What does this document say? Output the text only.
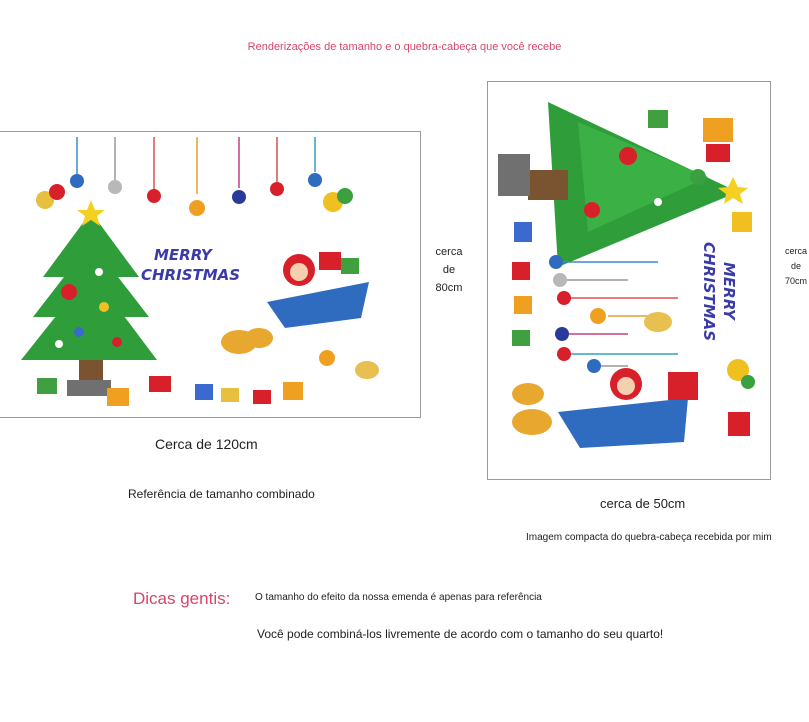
Renderizações de tamanho e o quebra-cabeça que você recebe
MERRY
CHRISTMAS
cerca
de
80cm
Cerca de 120cm
Referência de tamanho combinado
MERRY
CHRISTMAS	cerca
de
70cm
cerca de 50cm
Imagem compacta do quebra-cabeça recebida por mim
Dicas gentis: O tamanho do efeito da nossa emenda é apenas para referência
Você pode combiná-los livremente de acordo com o tamanho do seu quarto!
